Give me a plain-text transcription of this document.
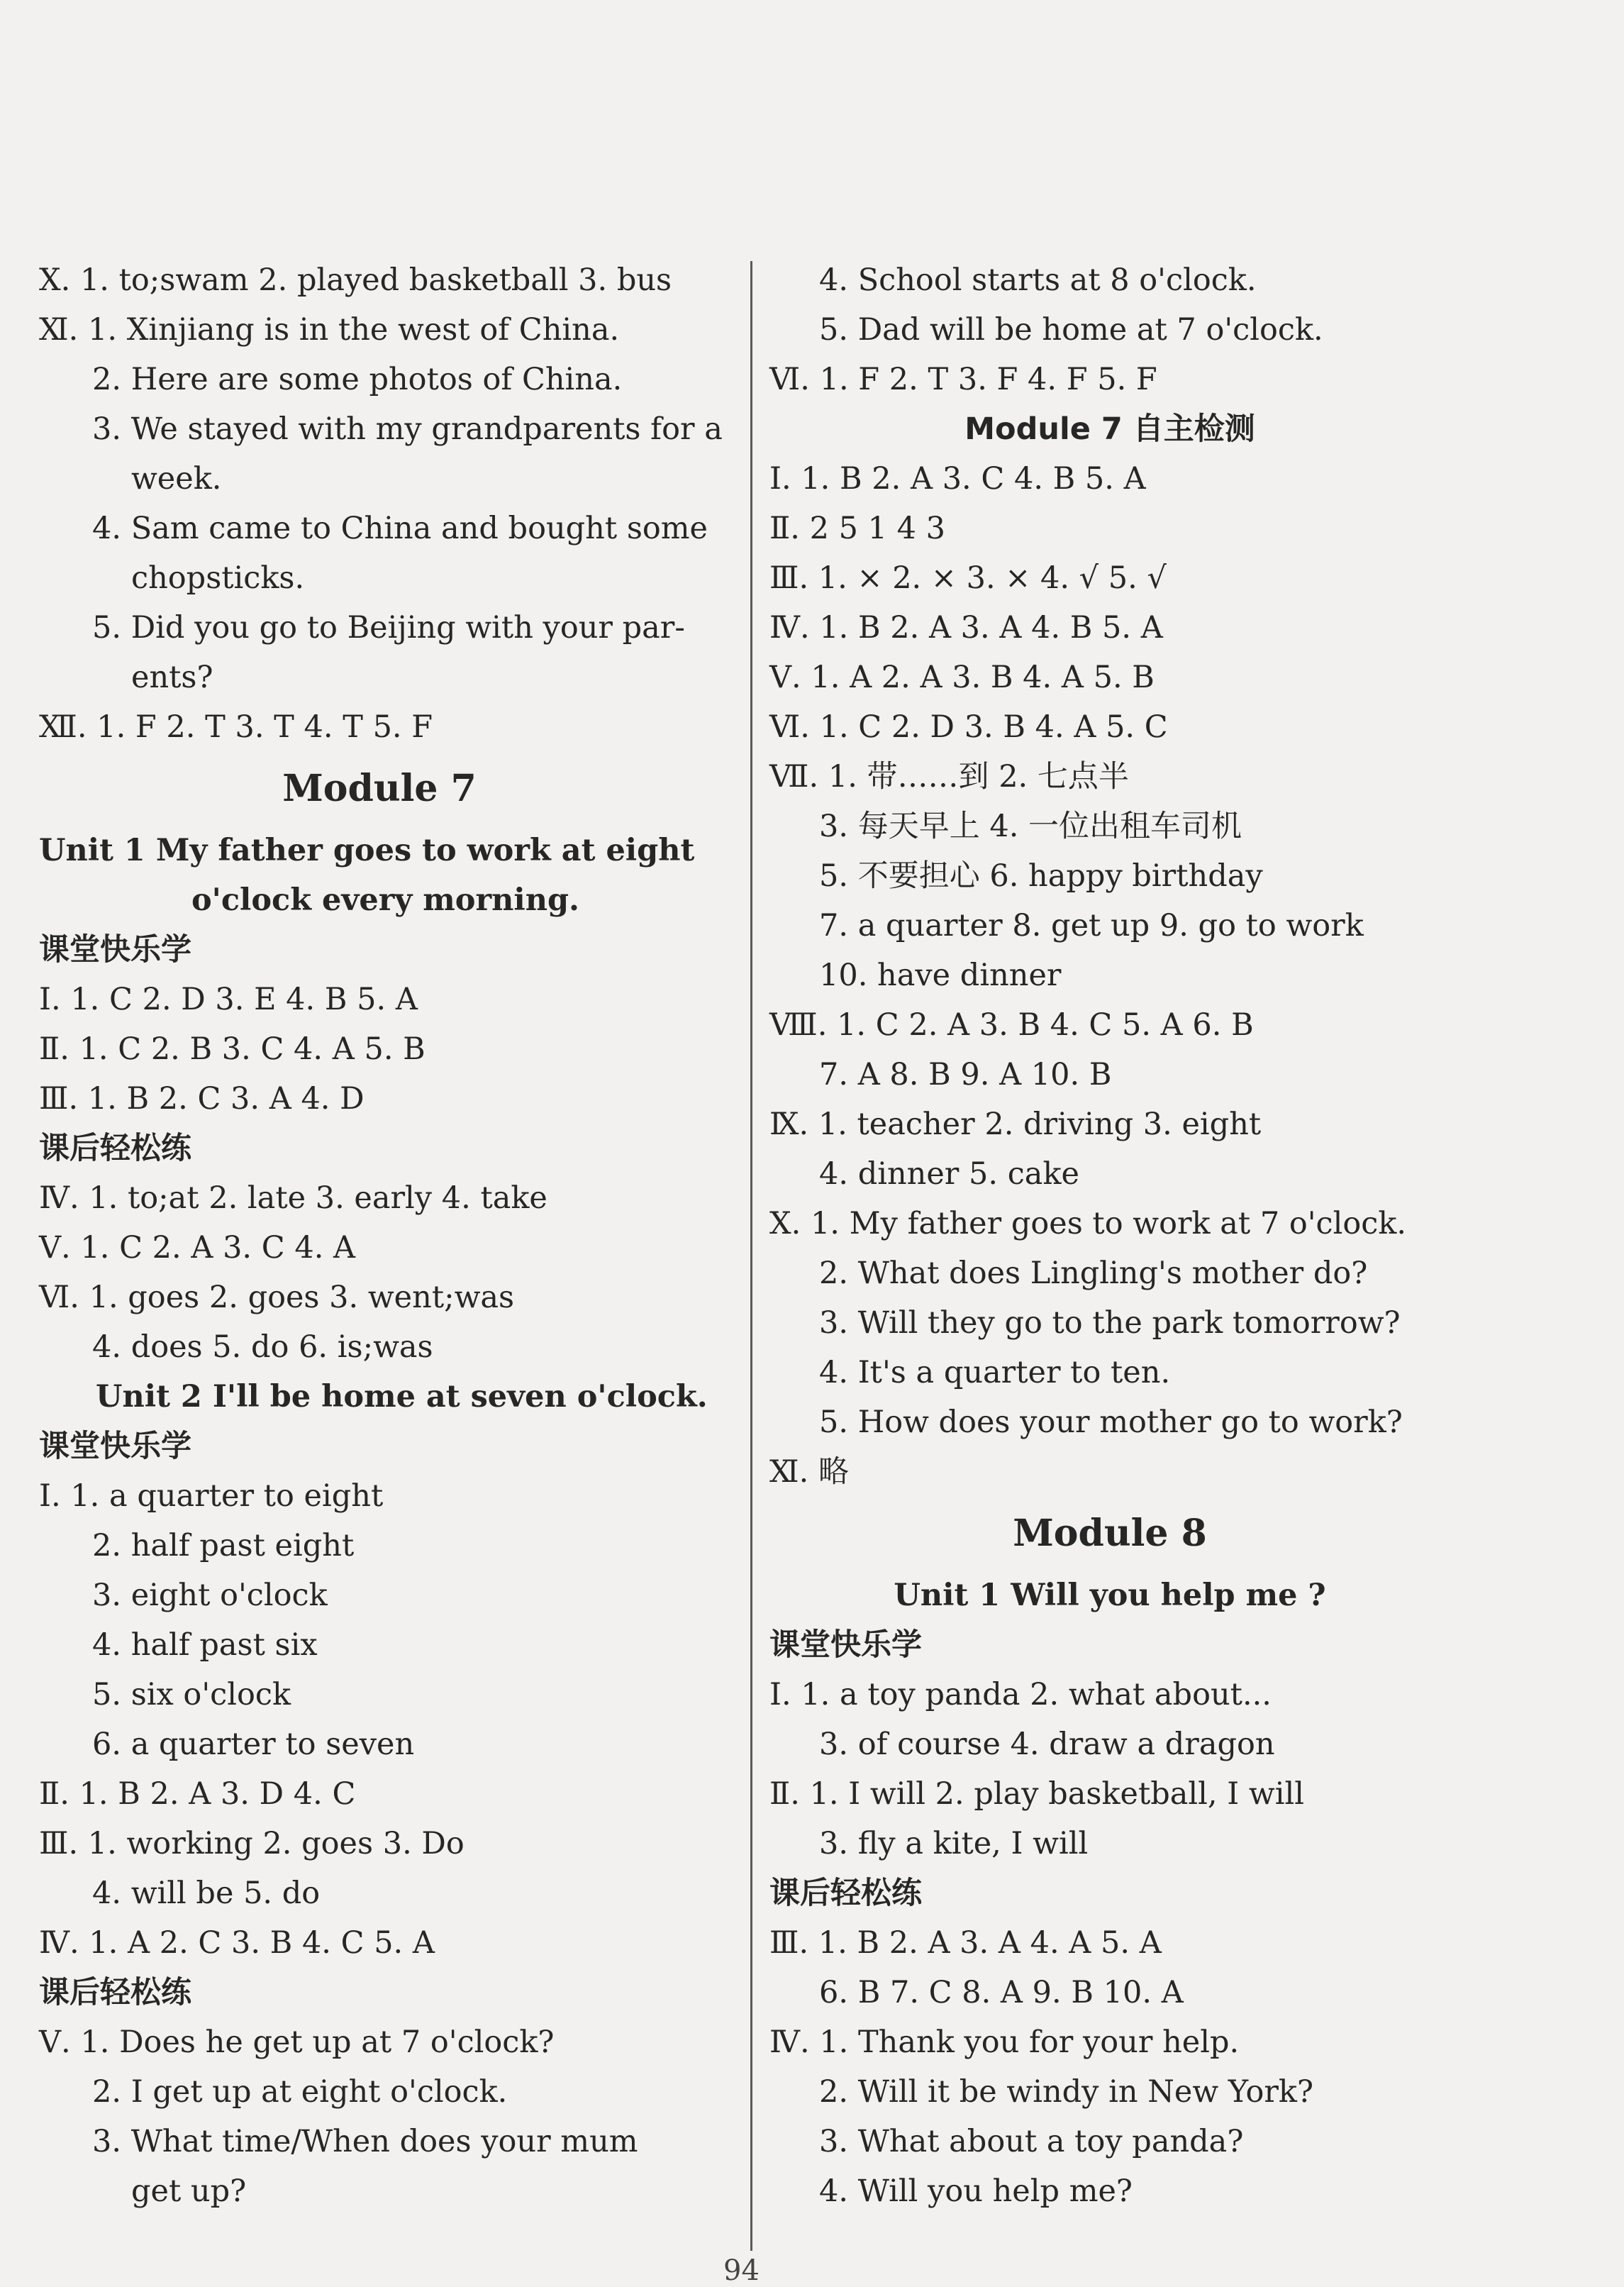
Ⅹ. 1. to;swam 2. played basketball 3. bus
Ⅺ. 1. Xinjiang is in the west of China.
2. Here are some photos of China.
3. We stayed with my grandparents for a
week.
4. Sam came to China and bought some
chopsticks.
5. Did you go to Beijing with your par-
ents?
Ⅻ. 1. F 2. T 3. T 4. T 5. F
Module 7
Unit 1 My father goes to work at eight
o'clock every morning.
课堂快乐学
Ⅰ. 1. C 2. D 3. E 4. B 5. A
Ⅱ. 1. C 2. B 3. C 4. A 5. B
Ⅲ. 1. B 2. C 3. A 4. D
课后轻松练
Ⅳ. 1. to;at 2. late 3. early 4. take
Ⅴ. 1. C 2. A 3. C 4. A
Ⅵ. 1. goes 2. goes 3. went;was
4. does 5. do 6. is;was
Unit 2 I'll be home at seven o'clock.
课堂快乐学
Ⅰ. 1. a quarter to eight
2. half past eight
3. eight o'clock
4. half past six
5. six o'clock
6. a quarter to seven
Ⅱ. 1. B 2. A 3. D 4. C
Ⅲ. 1. working 2. goes 3. Do
4. will be 5. do
Ⅳ. 1. A 2. C 3. B 4. C 5. A
课后轻松练
Ⅴ. 1. Does he get up at 7 o'clock?
2. I get up at eight o'clock.
3. What time/When does your mum
get up?
4. School starts at 8 o'clock.
5. Dad will be home at 7 o'clock.
Ⅵ. 1. F 2. T 3. F 4. F 5. F
Module 7 自主检测
Ⅰ. 1. B 2. A 3. C 4. B 5. A
Ⅱ. 2 5 1 4 3
Ⅲ. 1. × 2. × 3. × 4. √ 5. √
Ⅳ. 1. B 2. A 3. A 4. B 5. A
Ⅴ. 1. A 2. A 3. B 4. A 5. B
Ⅵ. 1. C 2. D 3. B 4. A 5. C
Ⅶ. 1. 带……到 2. 七点半
3. 每天早上 4. 一位出租车司机
5. 不要担心 6. happy birthday
7. a quarter 8. get up 9. go to work
10. have dinner
Ⅷ. 1. C 2. A 3. B 4. C 5. A 6. B
7. A 8. B 9. A 10. B
Ⅸ. 1. teacher 2. driving 3. eight
4. dinner 5. cake
Ⅹ. 1. My father goes to work at 7 o'clock.
2. What does Lingling's mother do?
3. Will they go to the park tomorrow?
4. It's a quarter to ten.
5. How does your mother go to work?
Ⅺ. 略
Module 8
Unit 1 Will you help me ?
课堂快乐学
Ⅰ. 1. a toy panda 2. what about...
3. of course 4. draw a dragon
Ⅱ. 1. I will 2. play basketball, I will
3. fly a kite, I will
课后轻松练
Ⅲ. 1. B 2. A 3. A 4. A 5. A
6. B 7. C 8. A 9. B 10. A
Ⅳ. 1. Thank you for your help.
2. Will it be windy in New York?
3. What about a toy panda?
4. Will you help me?
94
